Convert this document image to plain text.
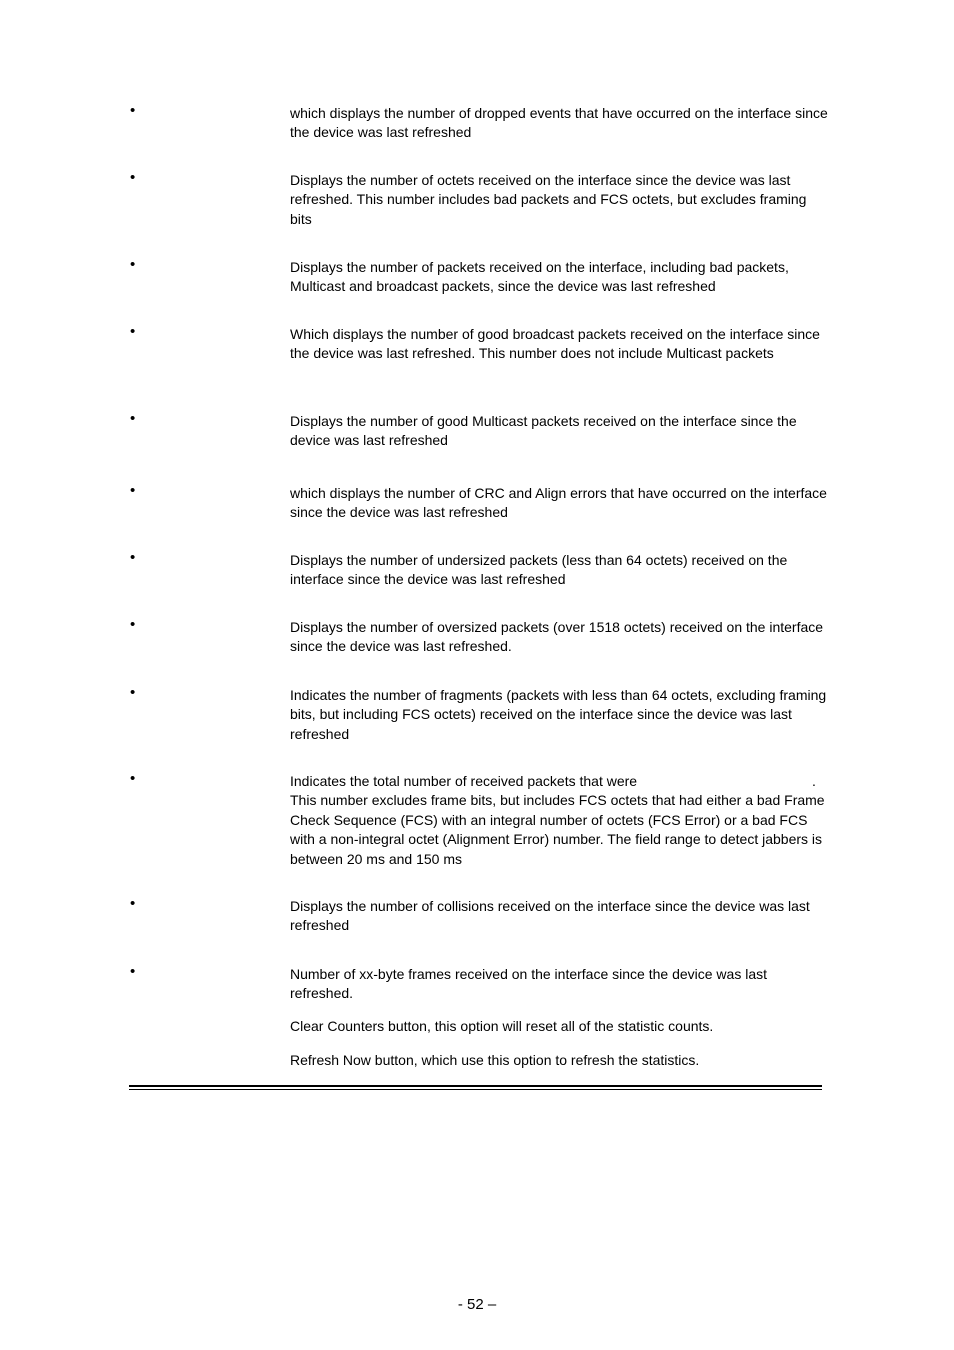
•	which displays the number of dropped events that have occurred on the interface since the device was last refreshed

•	Displays the number of octets received on the interface since the device was last refreshed. This number includes bad packets and FCS octets, but excludes framing bits

•	Displays the number of packets received on the interface, including bad packets, Multicast and broadcast packets, since the device was last refreshed

•	Which displays the number of good broadcast packets received on the interface since the device was last refreshed. This number does not include Multicast packets

•	Displays the number of good Multicast packets received on the interface since the device was last refreshed

•	which displays the number of CRC and Align errors that have occurred on the interface since the device was last refreshed

•	Displays the number of undersized packets (less than 64 octets) received on the interface since the device was last refreshed

•	Displays the number of oversized packets (over 1518 octets) received on the interface since the device was last refreshed.

•	Indicates the number of fragments (packets with less than 64 octets, excluding framing bits, but including FCS octets) received on the interface since the device was last refreshed

•	Indicates the total number of received packets that were	.

This number excludes frame bits, but includes FCS octets that had either a bad Frame Check Sequence (FCS) with an integral number of octets (FCS Error) or a bad FCS with a non-integral octet (Alignment Error) number. The field range to detect jabbers is between 20 ms and 150 ms

•	Displays the number of collisions received on the interface since the device was last refreshed

•	Number of xx-byte frames received on the interface since the device was last refreshed.

Clear Counters button, this option will reset all of the statistic counts.

Refresh Now button, which use this option to refresh the statistics.

- 52 –
